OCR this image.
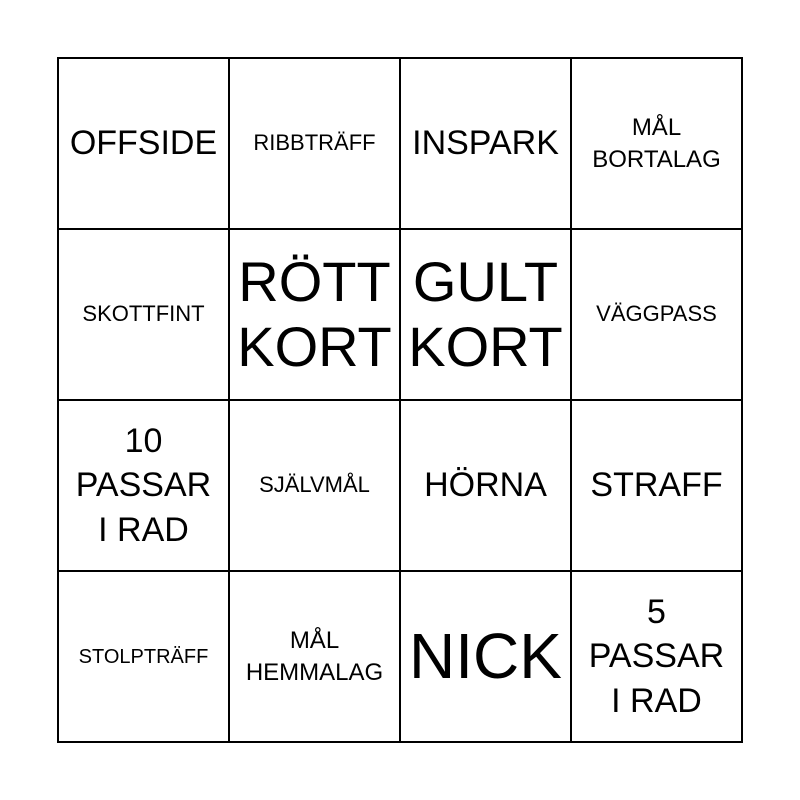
OFFSIDE RIBBTRÄFF INSPARK	MÅL
BORTALAG
SKOTTFINT
RÖTT
KORT
GULT
KORT
VÄGGPASS
10
PASSAR
I RAD
SJÄLVMÅL HÖRNA STRAFF
STOLPTRÄFF
MÅL
HEMMALAG NICK
5
PASSAR
I RAD
